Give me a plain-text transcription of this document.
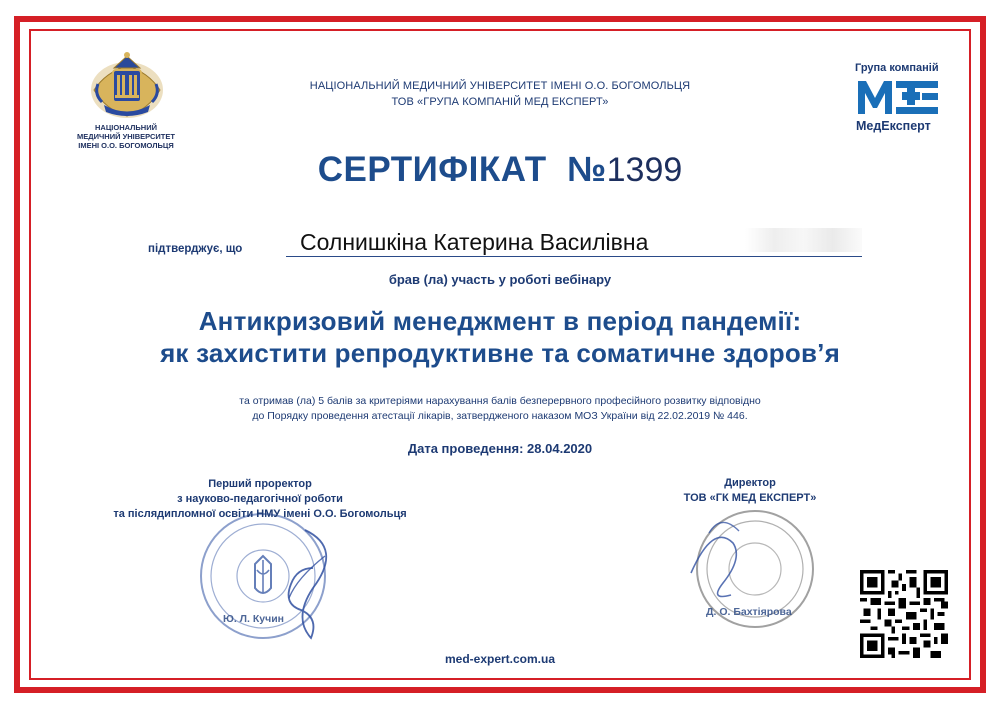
НАЦІОНАЛЬНИЙ
МЕДИЧНИЙ УНІВЕРСИТЕТ
ІМЕНІ О.О. БОГОМОЛЬЦЯ
Група компаній
МедЕксперт
НАЦІОНАЛЬНИЙ МЕДИЧНИЙ УНІВЕРСИТЕТ ІМЕНІ О.О. БОГОМОЛЬЦЯ
ТОВ «ГРУПА КОМПАНІЙ МЕД ЕКСПЕРТ»
СЕРТИФІКАТ  №1399
підтверджує, що	Солнишкіна Катерина Василівна
брав (ла) участь у роботі вебінару
Антикризовий менеджмент в період пандемії:
як захистити репродуктивне та соматичне здоров’я
та отримав (ла) 5 балів за критеріями нарахування балів безперервного професійного розвитку відповідно
до Порядку проведення атестації лікарів, затвердженого наказом МОЗ України від 22.02.2019 № 446.
Дата проведення: 28.04.2020
Ю. Л. Кучин
Перший проректор
з науково-педагогічної роботи
та післядипломної освіти НМУ імені О.О. Богомольця
Д. О. Бахтіярова
Директор
ТОВ «ГК МЕД ЕКСПЕРТ»
med-expert.com.ua
